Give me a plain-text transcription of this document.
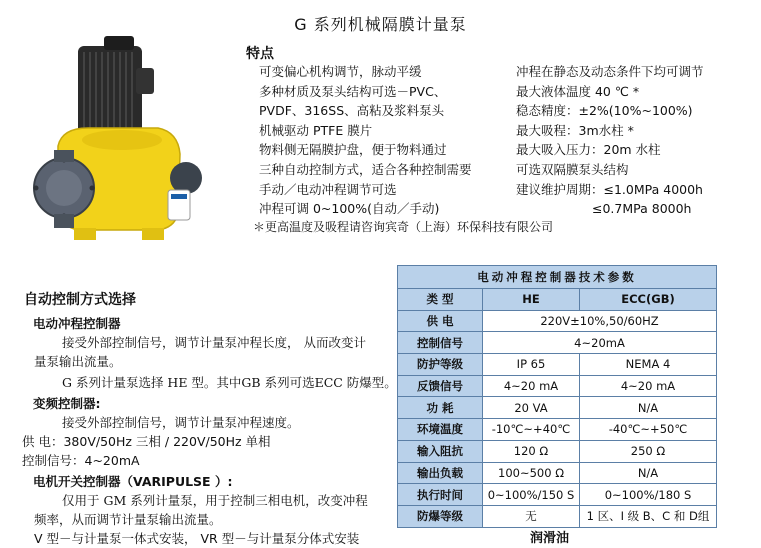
G 系列机械隔膜计量泵
特点
可变偏心机构调节，脉动平缓
多种材质及泵头结构可选－PVC、
PVDF、316SS、高粘及浆料泵头
机械驱动 PTFE 膜片
物料侧无隔膜护盘，便于物料通过
三种自动控制方式，适合各种控制需要
手动／电动冲程调节可选
冲程可调 0~100%(自动／手动)
冲程在静态及动态条件下均可调节
最大液体温度 40 ℃ *
稳态精度：±2%(10%~100%)
最大吸程：3m水柱 *
最大吸入压力：20m 水柱
可选双隔膜泵头结构
建议维护周期：≤1.0MPa 4000h
≤0.7MPa 8000h
＊更高温度及吸程请咨询宾奇（上海）环保科技有限公司
自动控制方式选择
电动冲程控制器
接受外部控制信号，调节计量泵冲程长度， 从而改变计
量泵输出流量。
G 系列计量泵选择 HE 型。其中GB 系列可选ECC 防爆型。
变频控制器:
接受外部控制信号，调节计量泵冲程速度。
供 电：380V/50Hz 三相 / 220V/50Hz 单相
控制信号：4~20mA
电机开关控制器（VARIPULSE ）:
仅用于 GM 系列计量泵，用于控制三相电机，改变冲程
频率，从而调节计量泵输出流量。
V 型－与计量泵一体式安装， VR 型－与计量泵分体式安装
电动冲程控制器技术参数		
类 型	HE	ECC(GB)
供 电	220V±10%,50/60HZ	
控制信号	4~20mA	
防护等级	IP 65	NEMA 4
反馈信号	4~20 mA	4~20 mA
功 耗	20 VA	N/A
环境温度	-10℃~+40℃	-40℃~+50℃
输入阻抗	120 Ω	250 Ω
输出负载	100~500 Ω	N/A
执行时间	0~100%/150 S	0~100%/180 S
防爆等级	无	1 区、I 级 B、C 和 D组
润滑油
